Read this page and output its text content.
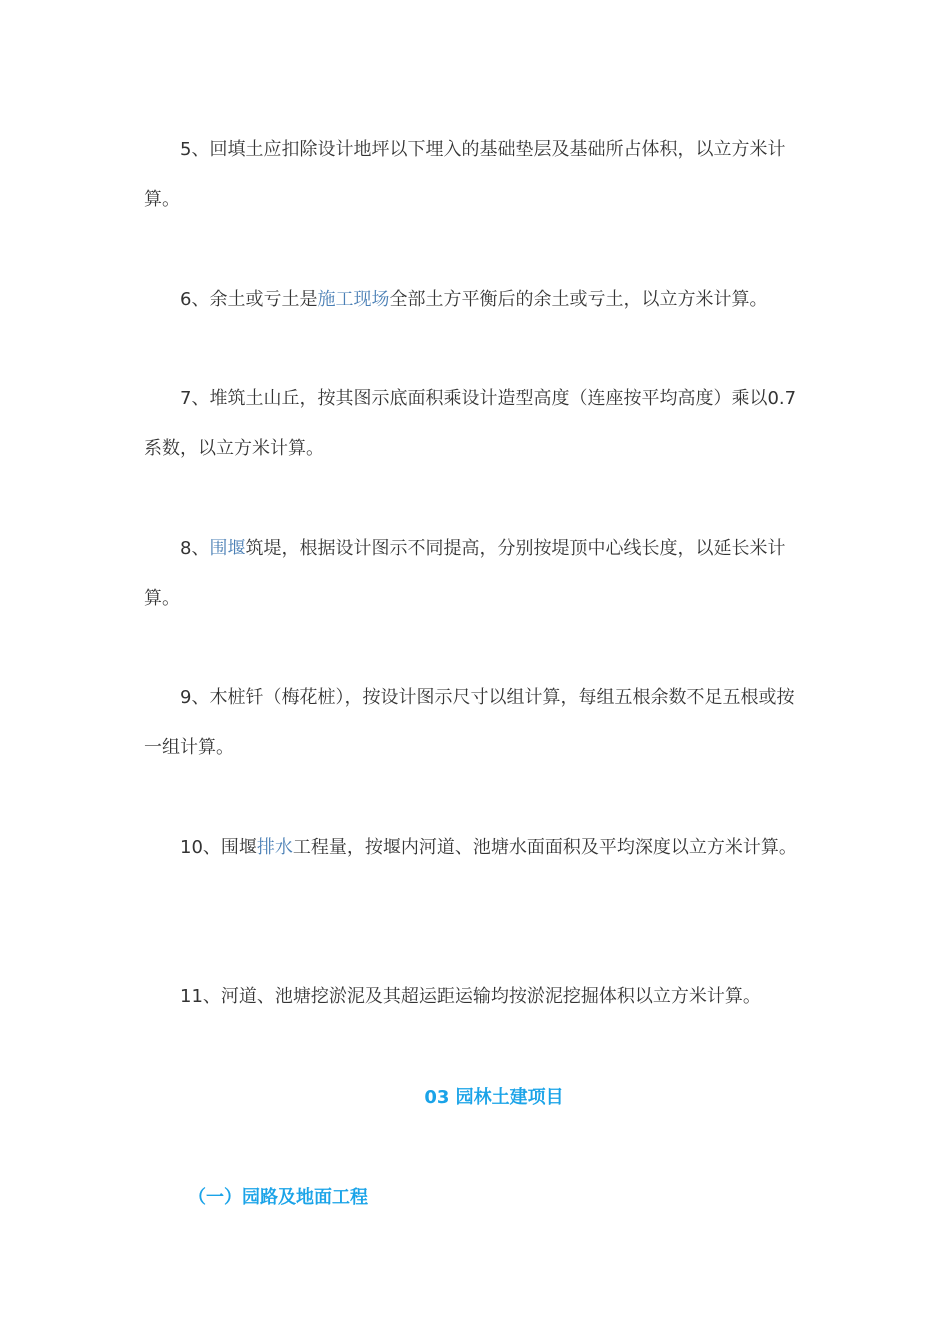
5、回填土应扣除设计地坪以下埋入的基础垫层及基础所占体积，以立方米计算。

6、余土或亏土是施工现场全部土方平衡后的余土或亏土，以立方米计算。

7、堆筑土山丘，按其图示底面积乘设计造型高度（连座按平均高度）乘以0.7 系数，以立方米计算。

8、围堰筑堤，根据设计图示不同提高，分别按堤顶中心线长度，以延长米计算。

9、木桩钎（梅花桩），按设计图示尺寸以组计算，每组五根余数不足五根或按一组计算。

10、围堰排水工程量，按堰内河道、池塘水面面积及平均深度以立方米计算。

11、河道、池塘挖淤泥及其超运距运输均按淤泥挖掘体积以立方米计算。

03 园林土建项目
（一）园路及地面工程
